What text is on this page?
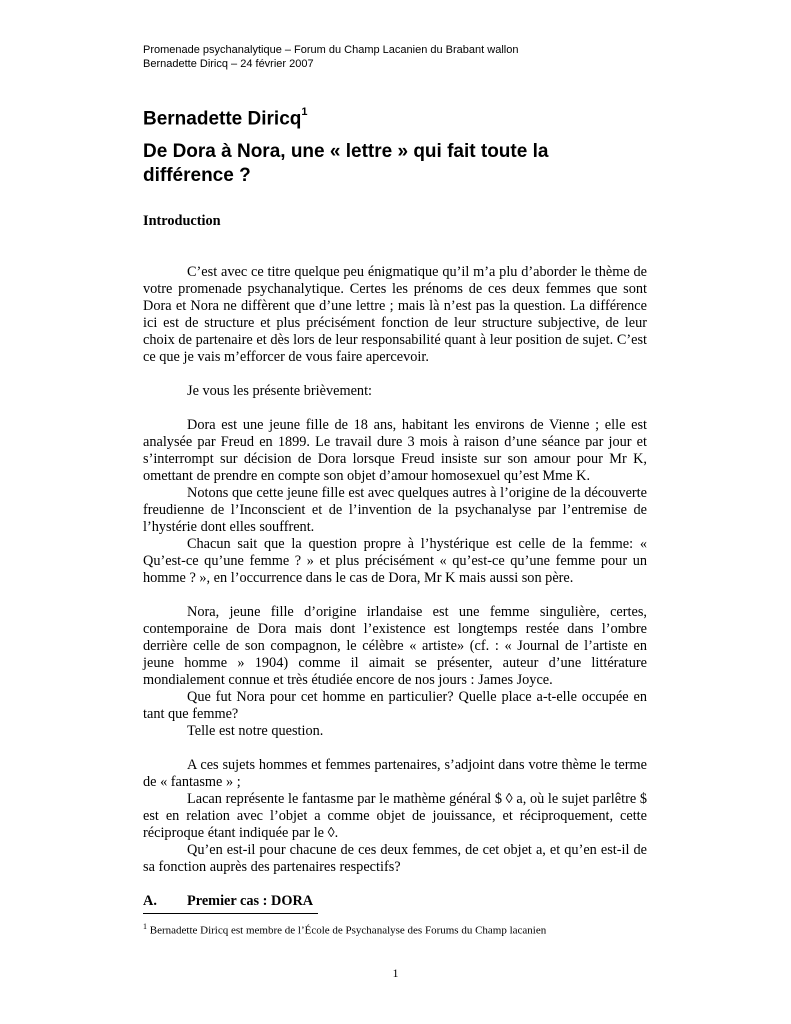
Promenade psychanalytique – Forum du Champ Lacanien du Brabant wallon
Bernadette Diricq – 24 février 2007
Bernadette Diricq$^1$
De Dora à Nora, une « lettre » qui fait toute la différence ?
Introduction

C’est avec ce titre quelque peu énigmatique qu’il m’a plu d’aborder le thème de votre promenade psychanalytique. Certes les prénoms de ces deux femmes que sont Dora et Nora ne diffèrent que d’une lettre ; mais là n’est pas la question. La différence ici est de structure et plus précisément fonction de leur structure subjective, de leur choix de partenaire et dès lors de leur responsabilité quant à leur position de sujet. C’est ce que je vais m’efforcer de vous faire apercevoir.

Je vous les présente brièvement:

Dora est une jeune fille de 18 ans, habitant les environs de Vienne ; elle est analysée par Freud en 1899. Le travail dure 3 mois à raison d’une séance par jour et s’interrompt sur décision de Dora lorsque Freud insiste sur son amour pour Mr K, omettant de prendre en compte son objet d’amour homosexuel qu’est Mme K.

Notons que cette jeune fille est avec quelques autres à l’origine de la découverte freudienne de l’Inconscient et de l’invention de la psychanalyse par l’entremise de l’hystérie dont elles souffrent.

Chacun sait que la question propre à l’hystérique est celle de la femme: « Qu’est-ce qu’une femme ? » et plus précisément « qu’est-ce qu’une femme pour un homme ? », en l’occurrence dans le cas de Dora, Mr K mais aussi son père.

Nora, jeune fille d’origine irlandaise est une femme singulière, certes, contemporaine de Dora mais dont l’existence est longtemps restée dans l’ombre derrière celle de son compagnon, le célèbre « artiste» (cf. : « Journal de l’artiste en jeune homme » 1904) comme il aimait se présenter, auteur d’une littérature mondialement connue et très étudiée encore de nos jours : James Joyce.

Que fut Nora pour cet homme en particulier? Quelle place a-t-elle occupée en tant que femme?

Telle est notre question.

A ces sujets hommes et femmes partenaires, s’adjoint dans votre thème le terme de « fantasme » ;

Lacan représente le fantasme par le mathème général $ ◊ a, où le sujet parlêtre $ est en relation avec l’objet a comme objet de jouissance, et réciproquement, cette réciproque étant indiquée par le ◊.

Qu’en est-il pour chacune de ces deux femmes, de cet objet a, et qu’en est-il de sa fonction auprès des partenaires respectifs?

A.	Premier cas : DORA
$^1$ Bernadette Diricq est membre de l’École de Psychanalyse des Forums du Champ lacanien
1
